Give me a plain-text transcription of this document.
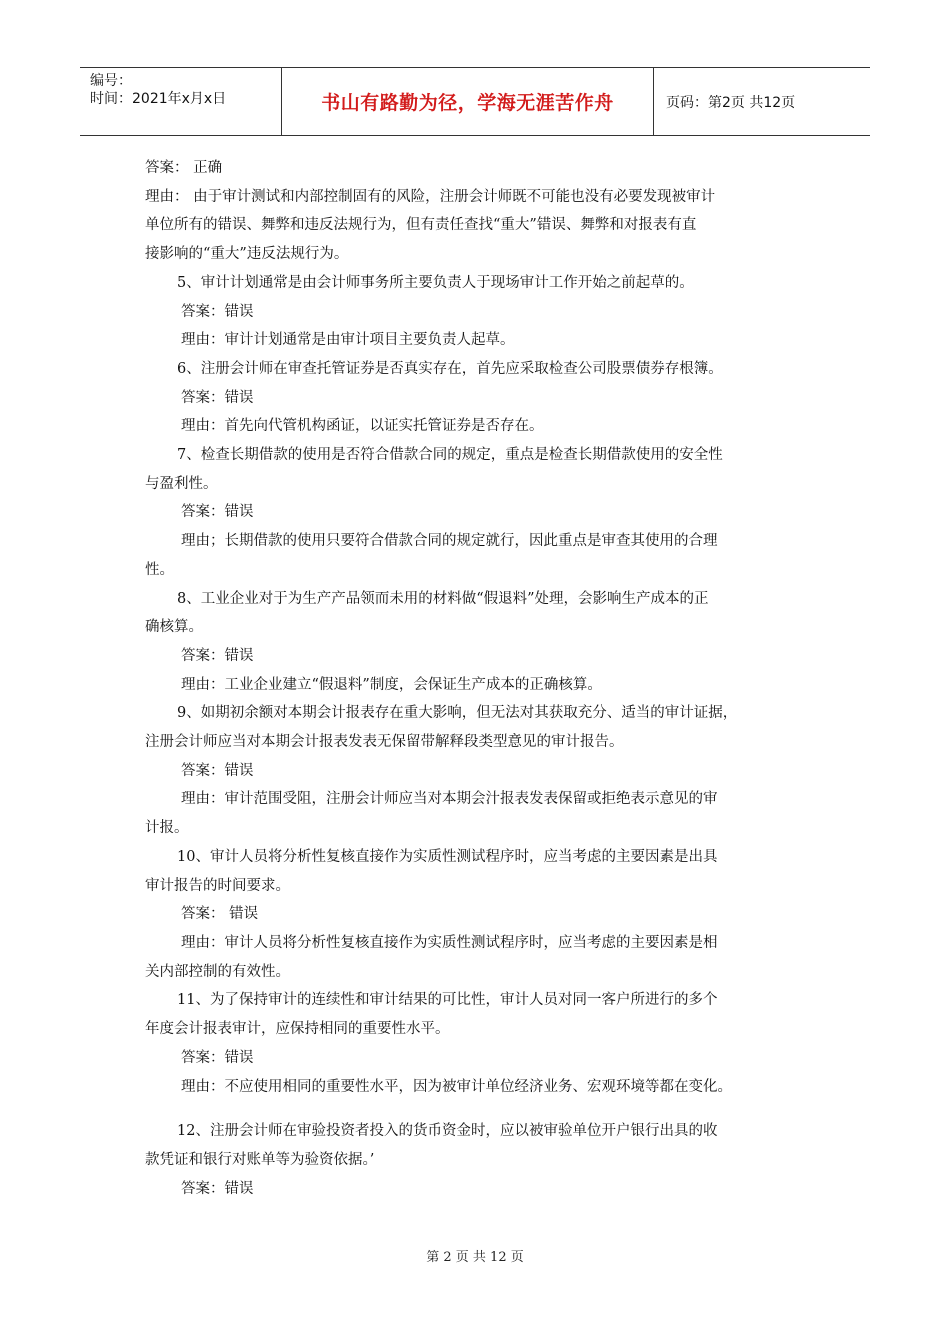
编号：
时间：2021年x月x日	书山有路勤为径，学海无涯苦作舟	页码：第2页 共12页
答案： 正确
理由： 由于审计测试和内部控制固有的风险，注册会计师既不可能也没有必要发现被审计
单位所有的错误、舞弊和违反法规行为，但有责任查找“重大”错误、舞弊和对报表有直
接影响的“重大”违反法规行为。
5、审计计划通常是由会计师事务所主要负责人于现场审计工作开始之前起草的。
答案：错误
理由：审计计划通常是由审计项目主要负责人起草。
6、注册会计师在审查托管证券是否真实存在，首先应采取检查公司股票债券存根簿。
答案：错误
理由：首先向代管机构函证，以证实托管证券是否存在。
7、检查长期借款的使用是否符合借款合同的规定，重点是检查长期借款使用的安全性
与盈利性。
答案：错误
理由；长期借款的使用只要符合借款合同的规定就行，因此重点是审查其使用的合理
性。
8、工业企业对于为生产产品领而未用的材料做“假退料”处理，会影响生产成本的正
确核算。
答案：错误
理由：工业企业建立“假退料”制度，会保证生产成本的正确核算。
9、如期初余额对本期会计报表存在重大影响，但无法对其获取充分、适当的审计证据，
注册会计师应当对本期会计报表发表无保留带解释段类型意见的审计报告。
答案：错误
理由：审计范围受阻，注册会计师应当对本期会汁报表发表保留或拒绝表示意见的审
计报。
10、审计人员将分析性复核直接作为实质性测试程序时，应当考虑的主要因素是出具
审计报告的时间要求。
答案： 错误
理由：审计人员将分析性复核直接作为实质性测试程序时，应当考虑的主要因素是相
关内部控制的有效性。
11、为了保持审计的连续性和审计结果的可比性，审计人员对同一客户所进行的多个
年度会计报表审计，应保持相同的重要性水平。
答案：错误
理由：不应使用相同的重要性水平，因为被审计单位经济业务、宏观环境等都在变化。
12、注册会计师在审验投资者投入的货币资金时，应以被审验单位开户银行出具的收
款凭证和银行对账单等为验资依据。’
答案：错误
第 2 页 共 12 页
